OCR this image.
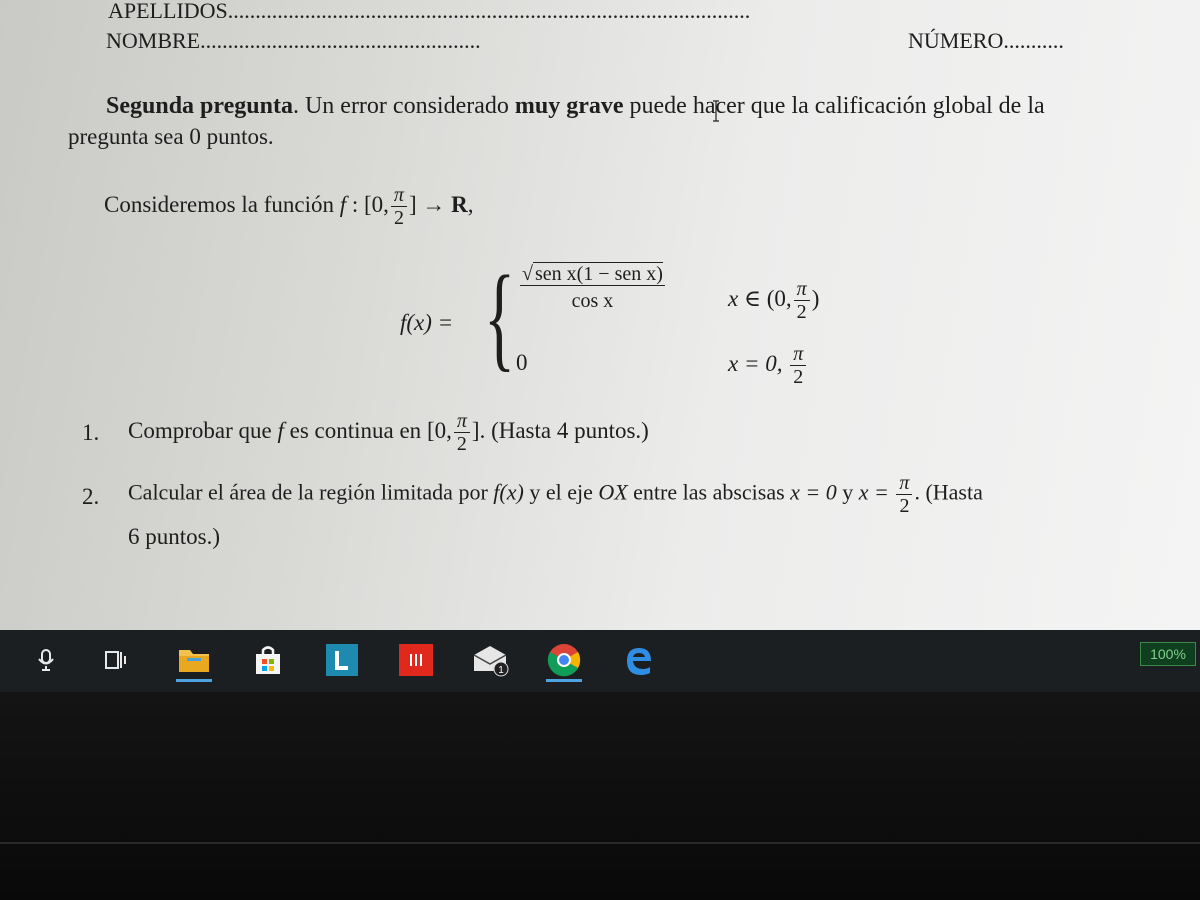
APELLIDOS...............................................................................................
NOMBRE...................................................	NÚMERO...........
Segunda pregunta. Un error considerado muy grave puede hacer que la calificación global de la
pregunta sea 0 puntos.
Consideremos la función f : [0, $\frac{\pi}{2}$ ] → R,
f(x) = { $\frac{\text{√ sen x(1 − sen x)}}{\text{cos x}}$	x ∈ (0, $\frac{\pi}{2}$ )
0	x = 0, $\frac{\pi}{2}$
1. Comprobar que f es continua en [0, $\frac{\pi}{2}$ ]. (Hasta 4 puntos.)
2. Calcular el área de la región limitada por f(x) y el eje OX entre las abscisas x = 0 y $x = \frac{\pi}{2}$ . (Hasta
6 puntos.)
1
100%
